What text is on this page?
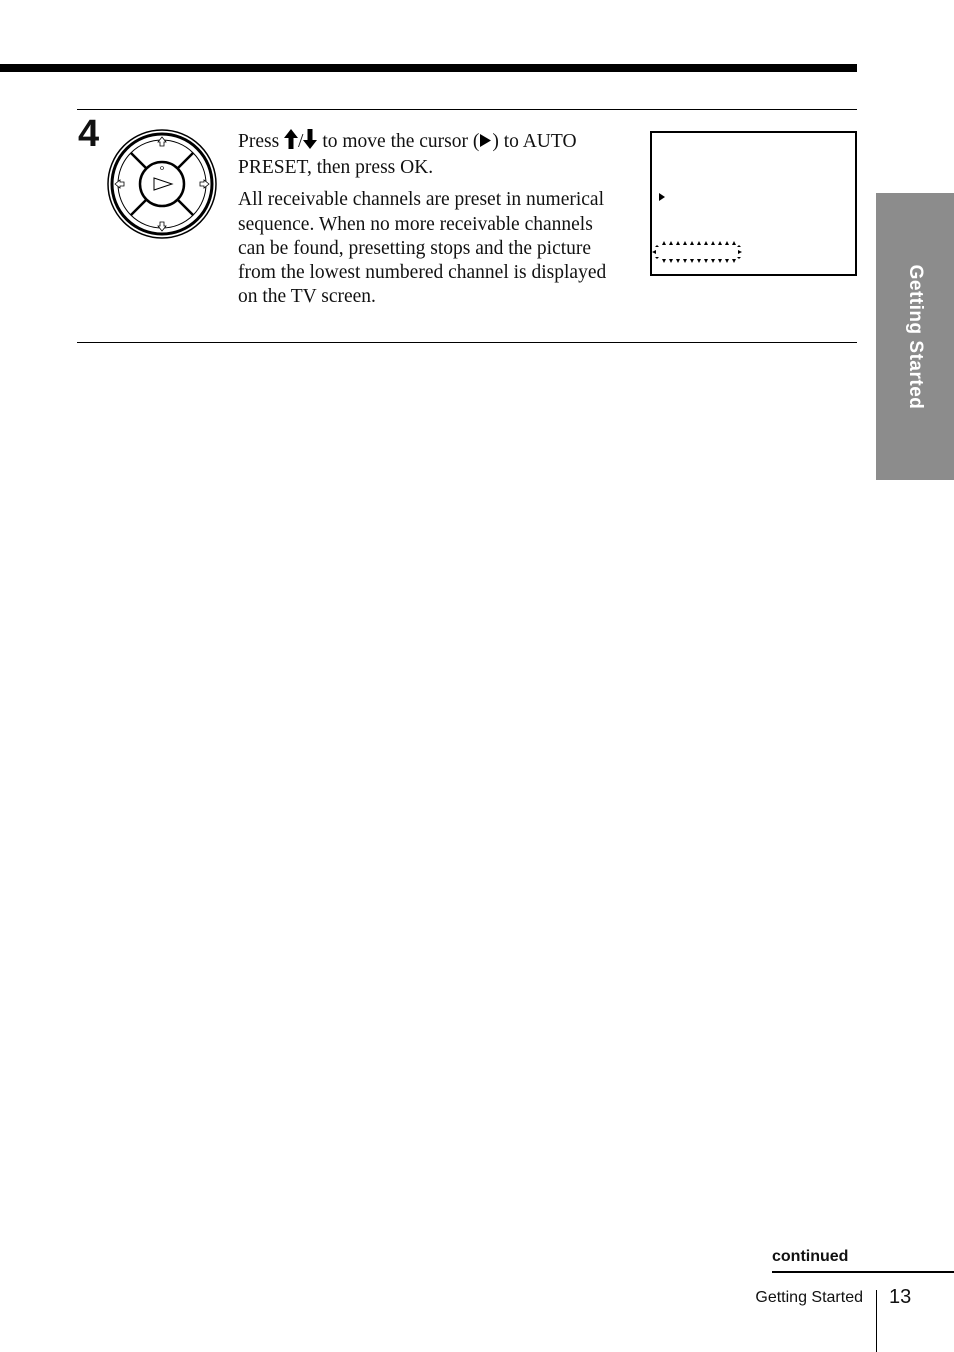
4	Press / to move the cursor ( ) to AUTO PRESET, then press OK.

All receivable channels are preset in numerical sequence. When no more receivable channels can be found, presetting stops and the picture from the lowest numbered channel is displayed on the TV screen.	Getting Started
continued
Getting Started 13
